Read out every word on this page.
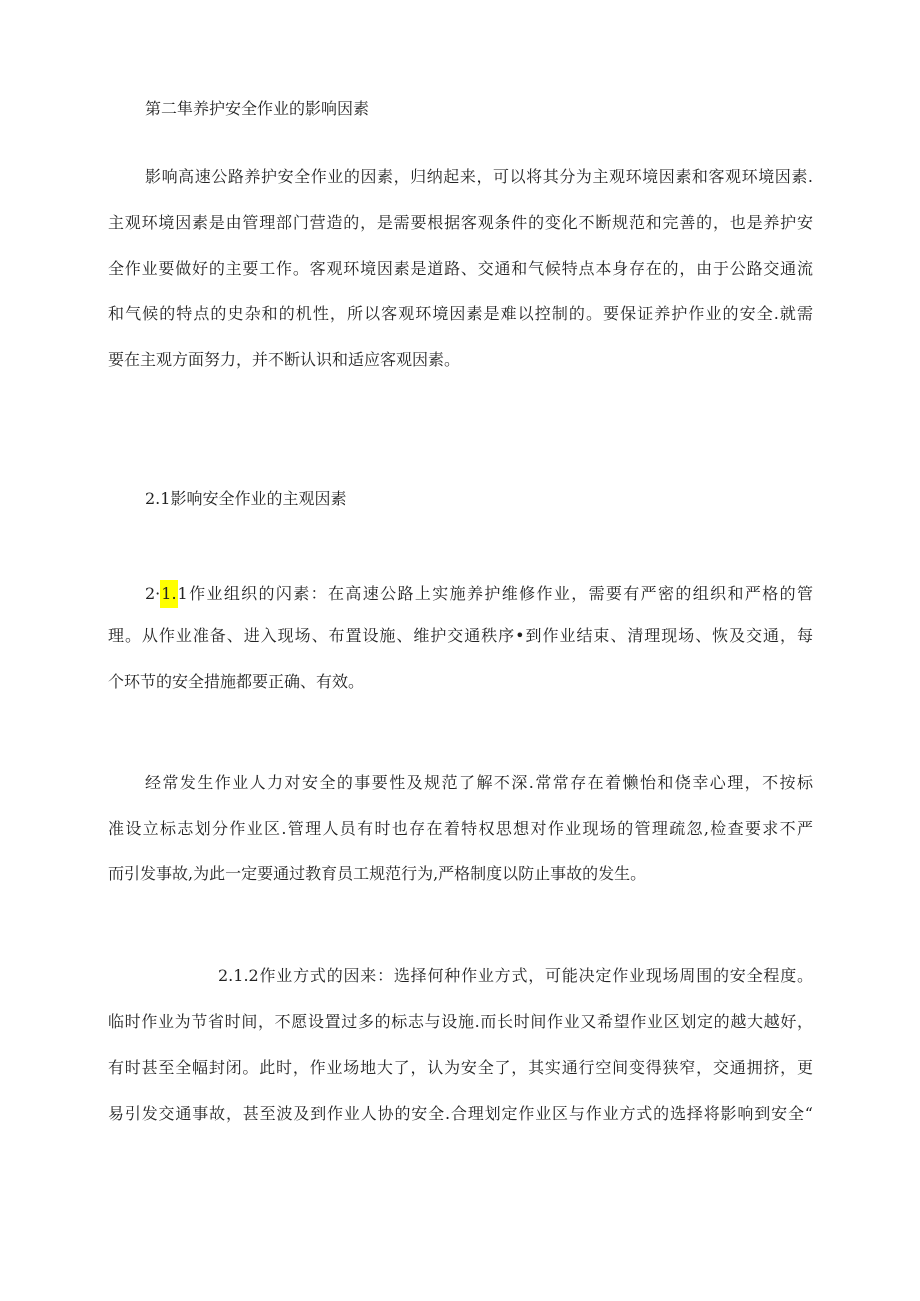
第二隼养护安全作业的影响因素
影响高速公路养护安全作业的因素，归纳起来，可以将其分为主观环境因素和客观环境因素.
主观环境因素是由管理部门营造的，是需要根据客观条件的变化不断规范和完善的，也是养护安
全作业要做好的主要工作。客观环境因素是道路、交通和气候特点本身存在的，由于公路交通流
和气候的特点的史杂和的机性，所以客观环境因素是难以控制的。要保证养护作业的安全.就需
要在主观方面努力，并不断认识和适应客观因素。
2.1影响安全作业的主观因素
2·1.1作业组织的闪素：在高速公路上实施养护维修作业，需要有严密的组织和严格的管
理。从作业准备、进入现场、布置设施、维护交通秩序•到作业结束、清理现场、恢及交通，每
个环节的安全措施都要正确、有效。
经常发生作业人力对安全的事要性及规范了解不深.常常存在着懒怡和侥幸心理，不按标
准设立标志划分作业区.管理人员有时也存在着特权思想对作业现场的管理疏忽,检查要求不严
而引发事故,为此一定要通过教育员工规范行为,严格制度以防止事故的发生。
2.1.2作业方式的因来：选择何种作业方式，可能决定作业现场周围的安全程度。
临时作业为节省时间，不愿设置过多的标志与设施.而长时间作业又希望作业区划定的越大越好，
有时甚至全幅封闭。此时，作业场地大了，认为安全了，其实通行空间变得狭窄，交通拥挤，更
易引发交通事故，甚至波及到作业人协的安全.合理划定作业区与作业方式的选择将影响到安全“
